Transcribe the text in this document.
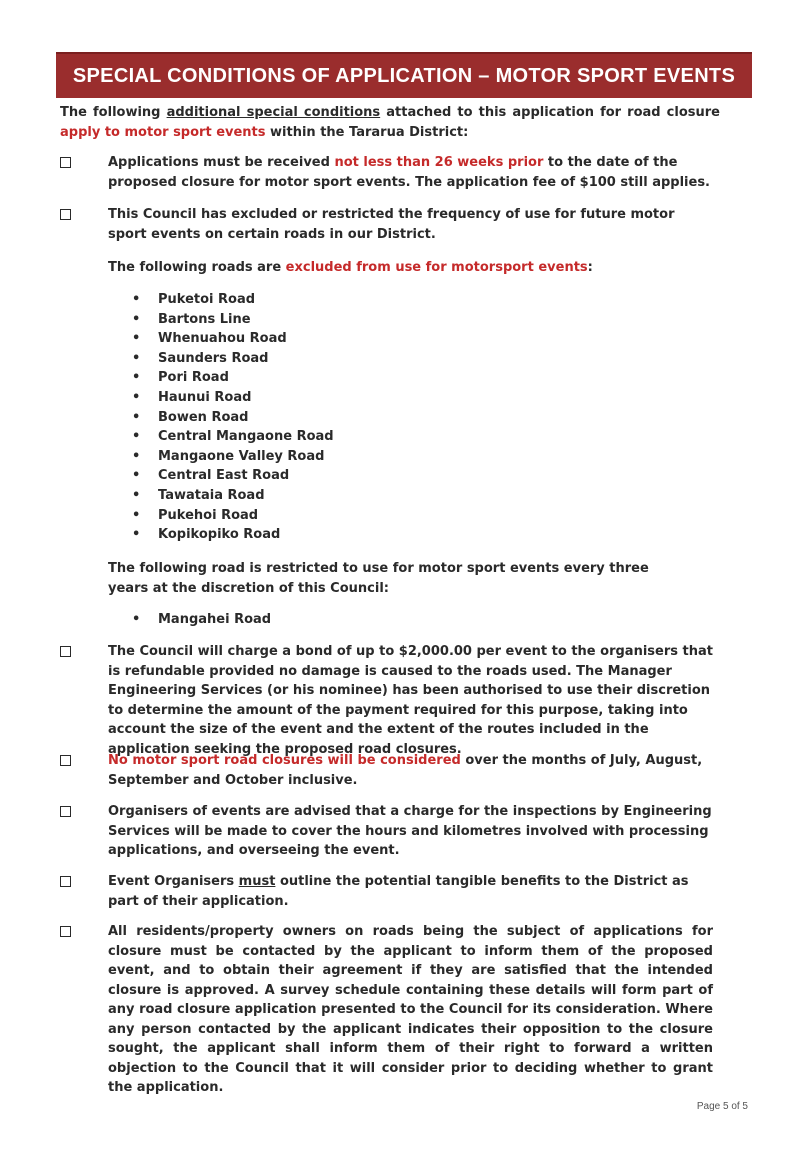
SPECIAL CONDITIONS OF APPLICATION – MOTOR SPORT EVENTS
The following additional special conditions attached to this application for road closure apply to motor sport events within the Tararua District:
Applications must be received not less than 26 weeks prior to the date of the proposed closure for motor sport events. The application fee of $100 still applies.
This Council has excluded or restricted the frequency of use for future motor sport events on certain roads in our District.
The following roads are excluded from use for motorsport events:
• Puketoi Road
• Bartons Line
• Whenuahou Road
• Saunders Road
• Pori Road
• Haunui Road
• Bowen Road
• Central Mangaone Road
• Mangaone Valley Road
• Central East Road
• Tawataia Road
• Pukehoi Road
• Kopikopiko Road
The following road is restricted to use for motor sport events every three years at the discretion of this Council:
• Mangahei Road
The Council will charge a bond of up to $2,000.00 per event to the organisers that is refundable provided no damage is caused to the roads used. The Manager Engineering Services (or his nominee) has been authorised to use their discretion to determine the amount of the payment required for this purpose, taking into account the size of the event and the extent of the routes included in the application seeking the proposed road closures.
No motor sport road closures will be considered over the months of July, August, September and October inclusive.
Organisers of events are advised that a charge for the inspections by Engineering Services will be made to cover the hours and kilometres involved with processing applications, and overseeing the event.
Event Organisers must outline the potential tangible benefits to the District as part of their application.
All residents/property owners on roads being the subject of applications for closure must be contacted by the applicant to inform them of the proposed event, and to obtain their agreement if they are satisfied that the intended closure is approved. A survey schedule containing these details will form part of any road closure application presented to the Council for its consideration. Where any person contacted by the applicant indicates their opposition to the closure sought, the applicant shall inform them of their right to forward a written objection to the Council that it will consider prior to deciding whether to grant the application.
Page 5 of 5
